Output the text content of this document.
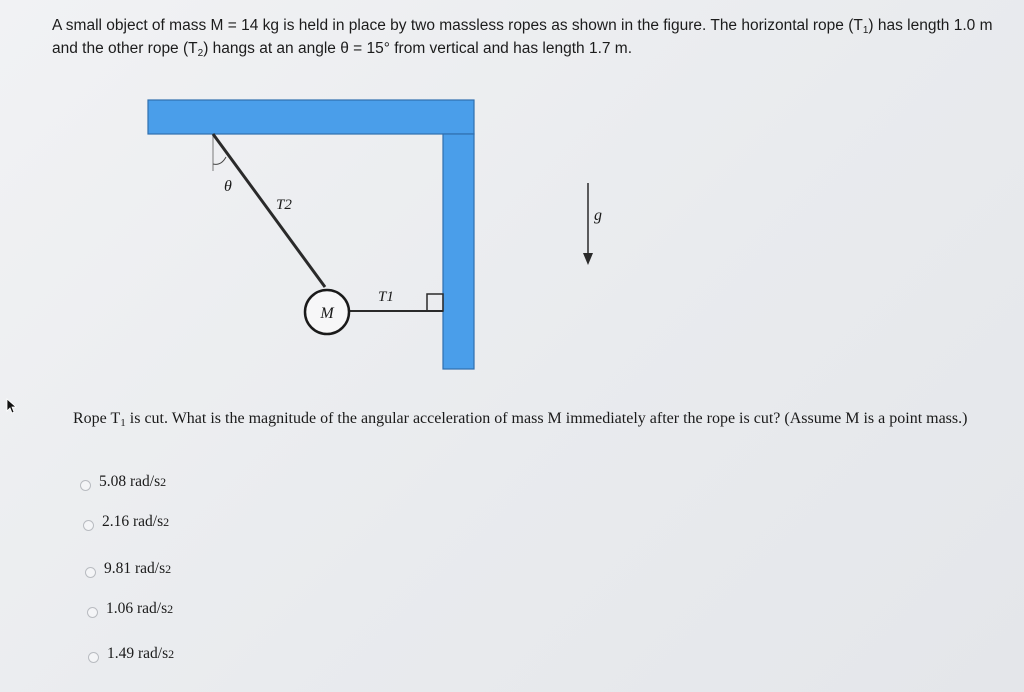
A small object of mass M = 14 kg is held in place by two massless ropes as shown in the figure. The horizontal rope $(T_1)$ has length 1.0 m and the other rope $(T_2)$ hangs at an angle θ = 15° from vertical and has length 1.7 m.
M
θ
T2
T1
g
Rope $T_1$ is cut. What is the magnitude of the angular acceleration of mass M immediately after the rope is cut? (Assume M is a point mass.)
5.08 rad/s 2
2.16 rad/s 2
9.81 rad/s 2
1.06 rad/s 2
1.49 rad/s 2
